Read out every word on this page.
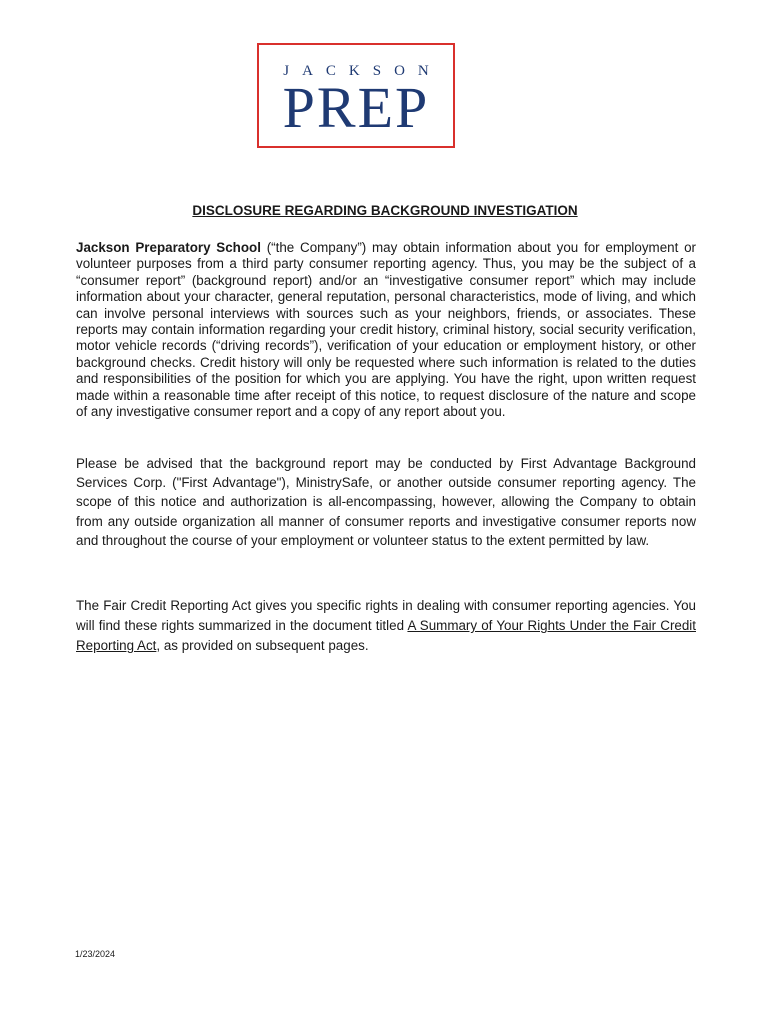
JACKSON
PREP
DISCLOSURE REGARDING BACKGROUND INVESTIGATION

Jackson Preparatory School (“the Company”) may obtain information about you for employment or volunteer purposes from a third party consumer reporting agency. Thus, you may be the subject of a “consumer report” (background report) and/or an “investigative consumer report” which may include information about your character, general reputation, personal characteristics, mode of living, and which can involve personal interviews with sources such as your neighbors, friends, or associates. These reports may contain information regarding your credit history, criminal history, social security verification, motor vehicle records (“driving records”), verification of your education or employment history, or other background checks. Credit history will only be requested where such information is related to the duties and responsibilities of the position for which you are applying. You have the right, upon written request made within a reasonable time after receipt of this notice, to request disclosure of the nature and scope of any investigative consumer report and a copy of any report about you.

Please be advised that the background report may be conducted by First Advantage Background Services Corp. ("First Advantage"), MinistrySafe, or another outside consumer reporting agency. The scope of this notice and authorization is all-encompassing, however, allowing the Company to obtain from any outside organization all manner of consumer reports and investigative consumer reports now and throughout the course of your employment or volunteer status to the extent permitted by law.

The Fair Credit Reporting Act gives you specific rights in dealing with consumer reporting agencies. You will find these rights summarized in the document titled A Summary of Your Rights Under the Fair Credit Reporting Act, as provided on subsequent pages.

1/23/2024
